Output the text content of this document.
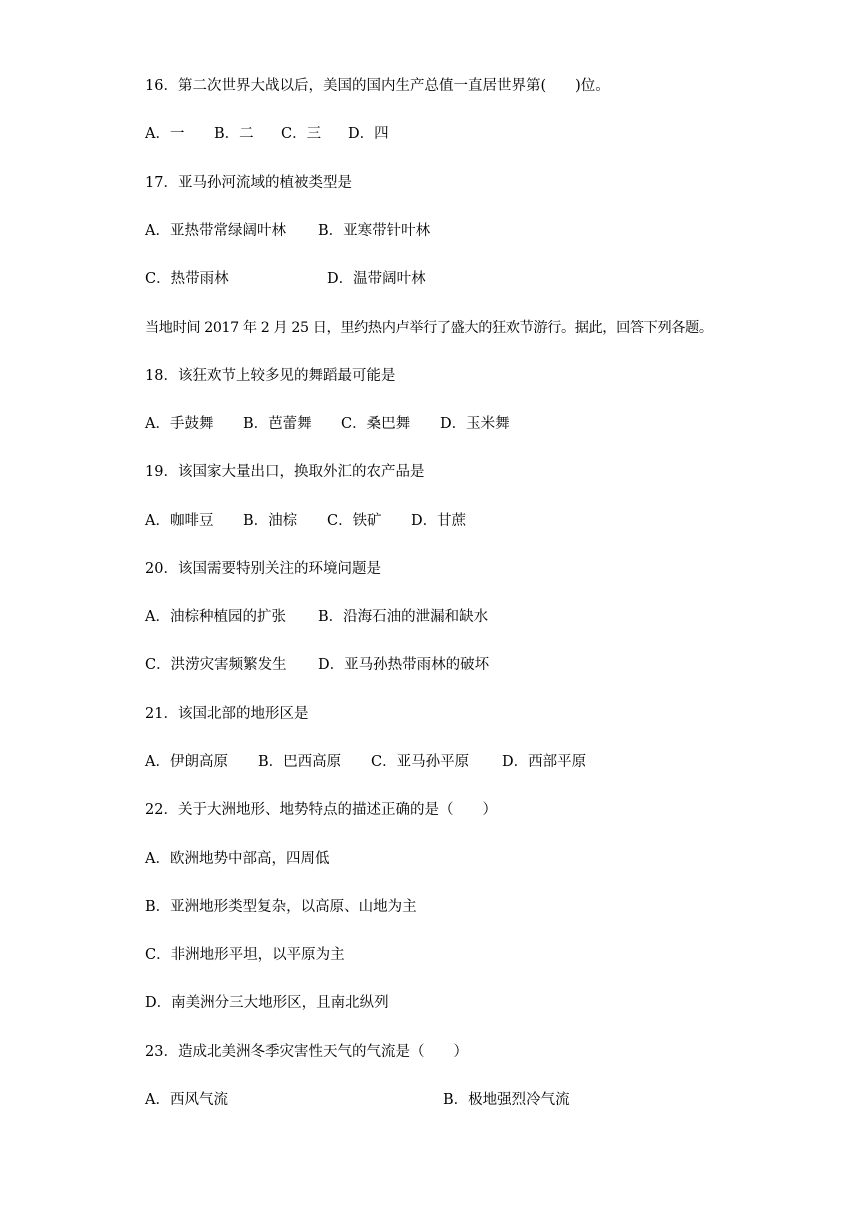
16．第二次世界大战以后，美国的国内生产总值一直居世界第(　　)位。
A．一 B．二 C．三 D．四
17．亚马孙河流域的植被类型是
A．亚热带常绿阔叶林 B．亚寒带针叶林
C．热带雨林	D．温带阔叶林
当地时间 2017 年 2 月 25 日，里约热内卢举行了盛大的狂欢节游行。据此，回答下列各题。
18．该狂欢节上较多见的舞蹈最可能是
A．手鼓舞 B．芭蕾舞 C．桑巴舞 D．玉米舞
19．该国家大量出口，换取外汇的农产品是
A．咖啡豆 B．油棕 C．铁矿 D．甘蔗
20．该国需要特别关注的环境问题是
A．油棕种植园的扩张 B．沿海石油的泄漏和缺水
C．洪涝灾害频繁发生 D．亚马孙热带雨林的破坏
21．该国北部的地形区是
A．伊朗高原 B．巴西高原 C．亚马孙平原 D．西部平原
22．关于大洲地形、地势特点的描述正确的是（　　）
A．欧洲地势中部高，四周低
B．亚洲地形类型复杂，以高原、山地为主
C．非洲地形平坦，以平原为主
D．南美洲分三大地形区，且南北纵列
23．造成北美洲冬季灾害性天气的气流是（　　）
A．西风气流	B．极地强烈冷气流
